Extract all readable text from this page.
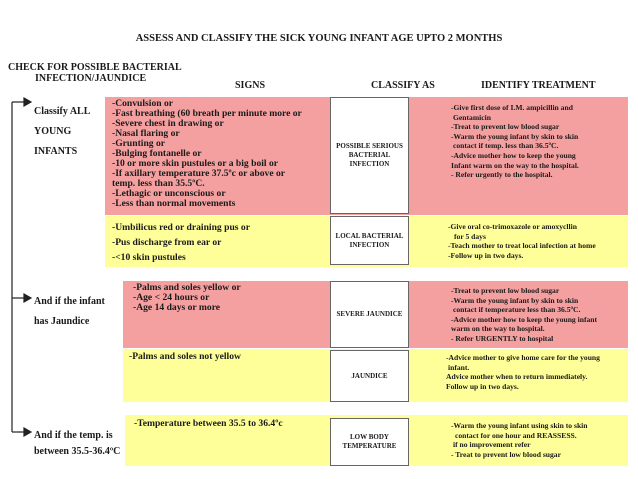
ASSESS AND CLASSIFY THE SICK YOUNG INFANT AGE UPTO 2 MONTHS
CHECK FOR POSSIBLE BACTERIAL
INFECTION/JAUNDICE
SIGNS	CLASSIFY AS	IDENTIFY TREATMENT
Classify ALL
YOUNG
INFANTS
And if the infant
has Jaundice
And if the temp. is
between 35.5-36.4ºC
-Convulsion or
-Fast breathing (60 breath per minute more or
-Severe chest in drawing or
-Nasal flaring or
-Grunting or
-Bulging fontanelle or
-10 or more skin pustules or a big boil or
-If axillary temperature 37.5ºc or above or
temp. less than 35.5ºC.
-Lethagic or unconscious or
-Less than normal movements
POSSIBLE SERIOUS BACTERIAL INFECTION
-Give first dose of I.M. ampicillin and
Gentamicin
-Treat to prevent low blood sugar
-Warm the young infant by skin to skin
contact if temp. less than 36.5ºC.
-Advice mother how to keep the young
Infant warm on the way to the hospital.
- Refer urgently to the hospital.
-Umbilicus red or draining pus or
-Pus discharge from ear or
-<10 skin pustules
LOCAL BACTERIAL INFECTION
-Give oral co-trimoxazole or amoxycllin
for 5 days
-Teach mother to treat local infection at home
-Follow up in two days.
-Palms and soles yellow or
-Age < 24 hours or
-Age 14 days or more
SEVERE JAUNDICE
-Treat to prevent low blood sugar
-Warm the young infant by skin to skin
contact if temperature less than 36.5ºC.
-Advice mother how to keep the young infant
warm on the way to hospital.
- Refer URGENTLY to hospital
-Palms and soles not yellow
JAUNDICE
-Advice mother to give home care for the young
infant.
Advice mother when to return immediately.
Follow up in two days.
-Temperature between 35.5 to 36.4ºc
LOW BODY TEMPERATURE
-Warm the young infant using skin to skin
contact for one hour and REASSESS.
if no improvement refer
- Treat to prevent low blood sugar
